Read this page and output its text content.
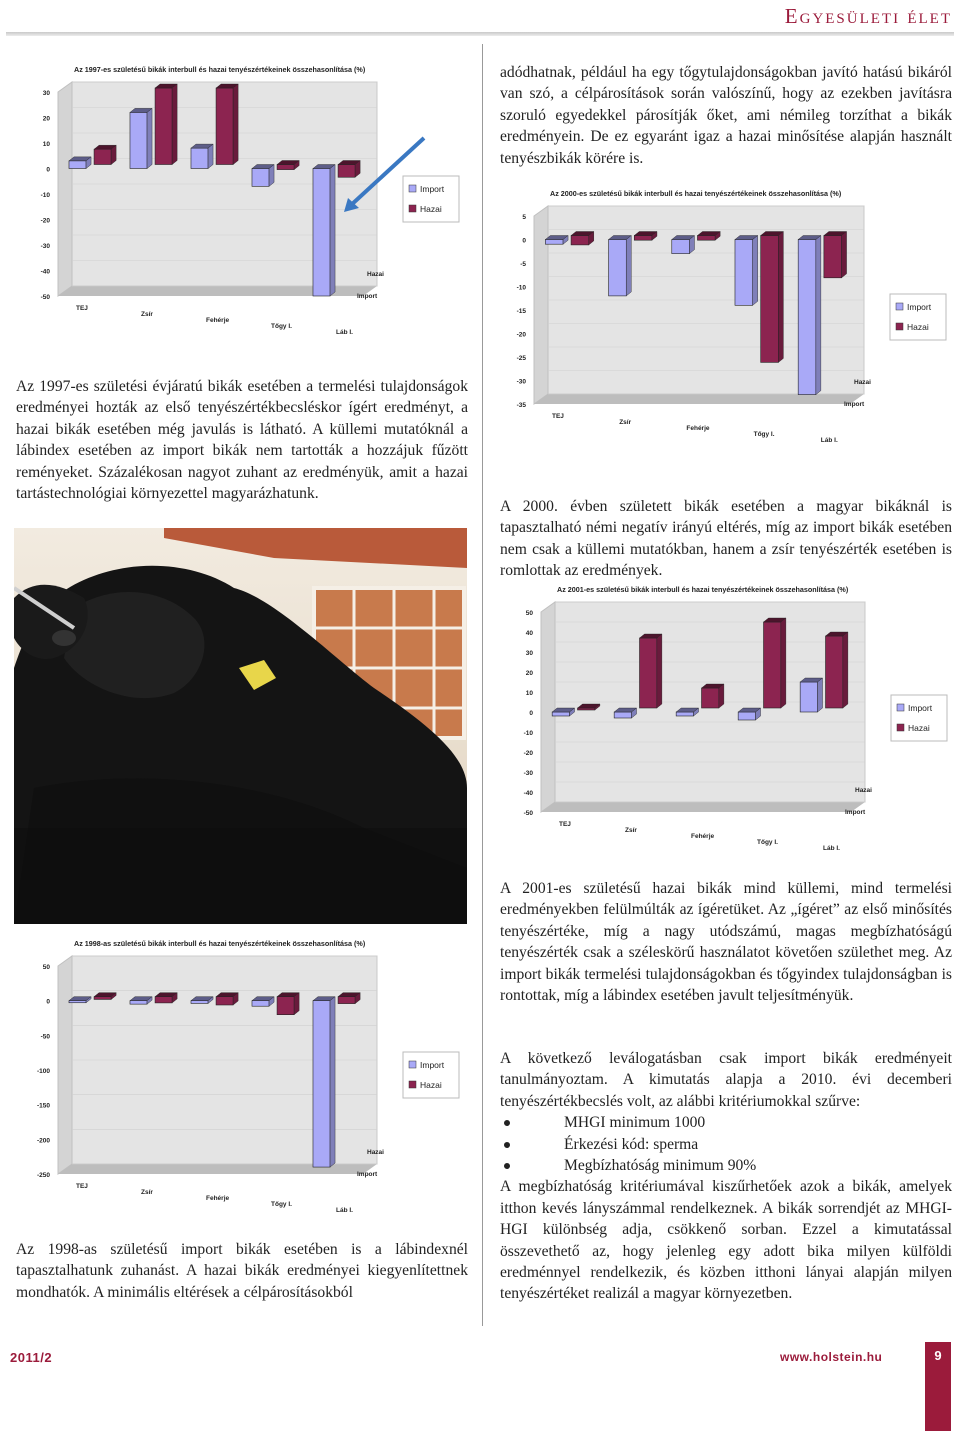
Egyesületi élet
Az 1997-es születésű bikák interbull és hazai tenyészértékeinek összehasonlítása (%)
30
20
10
0
-10
-20
-30
-40
-50
TEJ
Zsír
Fehérje
Tőgy I.
Láb I.
Hazai
Import
Import
Hazai
Az 2000-es születésű bikák interbull és hazai tenyészértékeinek összehasonlítása (%)
5
0
-5
-10
-15
-20
-25
-30
-35
TEJ
Zsír
Fehérje
Tőgy I.
Láb I.
Hazai
Import
Import
Hazai
Az 2001-es születésű bikák interbull és hazai tenyészértékeinek összehasonlítása (%)
50
40
30
20
10
0
-10
-20
-30
-40
-50
TEJ
Zsír
Fehérje
Tőgy I.
Láb I.
Hazai
Import
Import
Hazai
Az 1998-as születésű bikák interbull és hazai tenyészértékeinek összehasonlítása (%)
50
0
-50
-100
-150
-200
-250
TEJ
Zsír
Fehérje
Tőgy I.
Láb I.
Hazai
Import
Import
Hazai

Az 1997-es születési évjáratú bikák esetében a termelési tulajdonságok eredményei hozták az első tenyészértékbecsléskor ígért eredményt, a hazai bikák esetében még javulás is látható. A küllemi mutatóknál a lábindex esetében az import bikák nem tartották a hozzájuk fűzött reményeket. Százalékosan nagyot zuhant az eredményük, amit a hazai tartástechnológiai környezettel magyarázhatunk.

Az 1998-as születésű import bikák esetében is a lábindexnél tapasztalhatunk zuhanást. A hazai bikák eredményei kiegyenlítettnek mondhatók. A minimális eltérések a célpárosításokból

adódhatnak, például ha egy tőgytulajdonságokban javító hatású bikáról van szó, a célpárosítások során valószínű, hogy az ezekben javításra szoruló egyedekkel párosítják őket, ami némileg torzíthat a bikák eredményein. De ez egyaránt igaz a hazai minősítése alapján használt tenyészbikák körére is.

A 2000. évben született bikák esetében a magyar bikáknál is tapasztalható némi negatív irányú eltérés, míg az import bikák esetében nem csak a küllemi mutatókban, hanem a zsír tenyészérték esetében is romlottak az eredmények.

A 2001-es születésű hazai bikák mind küllemi, mind termelési eredményekben felülmúlták az ígéretüket. Az „ígéret” az első minősítés tenyészértéke, míg a nagy utódszámú, magas megbízhatóságú tenyészérték csak a széleskörű használatot követően születhet meg. Az import bikák termelési tulajdonságokban és tőgyindex tulajdonságban is rontottak, míg a lábindex esetében javult teljesítményük.

A következő leválogatásban csak import bikák eredményeit tanulmányoztam. A kimutatás alapja a 2010. évi decemberi tenyészértékbecslés volt, az alábbi kritériumokkal szűrve:

MHGI minimum 1000
Érkezési kód: sperma
Megbízhatóság minimum 90%

A megbízhatóság kritériumával kiszűrhetőek azok a bikák, amelyek itthon kevés lányszámmal rendelkeznek. A bikák sorrendjét az MHGI-HGI különbség adja, csökkenő sorban. Ezzel a kimutatással összevethető az, hogy jelenleg egy adott bika milyen külföldi eredménnyel rendelkezik, és közben itthoni lányai alapján milyen tenyészértéket realizál a magyar környezetben.

2011/2	www.holstein.hu	9
